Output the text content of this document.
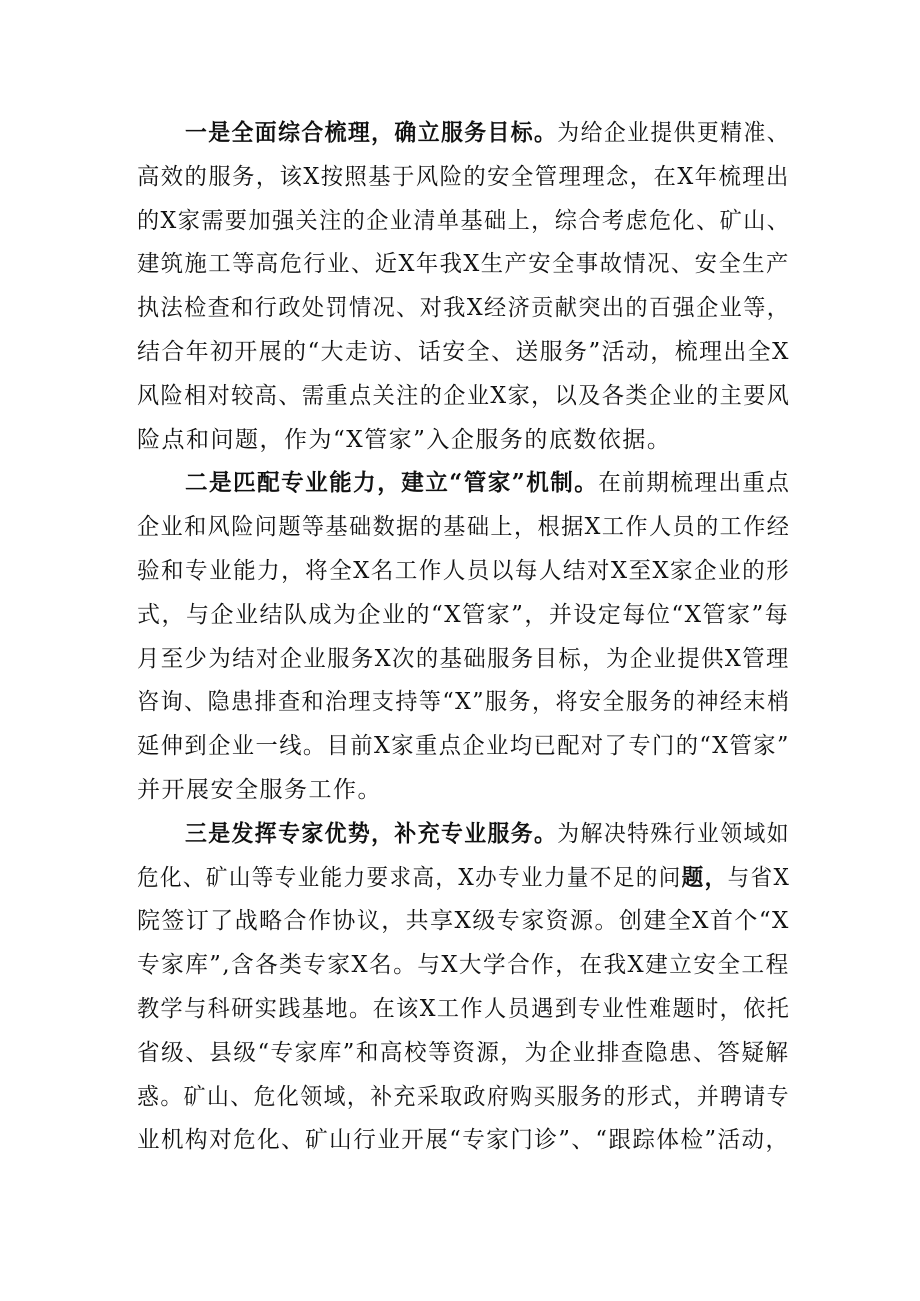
一是全面综合梳理，确立服务目标。为给企业提供更精准、
高效的服务，该X按照基于风险的安全管理理念，在X年梳理出
的X家需要加强关注的企业清单基础上，综合考虑危化、矿山、
建筑施工等高危行业、近X年我X生产安全事故情况、安全生产
执法检查和行政处罚情况、对我X经济贡献突出的百强企业等，
结合年初开展的“大走访、话安全、送服务”活动，梳理出全X
风险相对较高、需重点关注的企业X家，以及各类企业的主要风
险点和问题，作为“X管家”入企服务的底数依据。
二是匹配专业能力，建立“管家”机制。在前期梳理出重点
企业和风险问题等基础数据的基础上，根据X工作人员的工作经
验和专业能力，将全X名工作人员以每人结对X至X家企业的形
式，与企业结队成为企业的“X管家”，并设定每位“X管家”每
月至少为结对企业服务X次的基础服务目标，为企业提供X管理
咨询、隐患排查和治理支持等“X”服务，将安全服务的神经末梢
延伸到企业一线。目前X家重点企业均已配对了专门的“X管家”
并开展安全服务工作。
三是发挥专家优势，补充专业服务。为解决特殊行业领域如
危化、矿山等专业能力要求高，X办专业力量不足的问题，与省X
院签订了战略合作协议，共享X级专家资源。创建全X首个“X
专家库”,含各类专家X名。与X大学合作，在我X建立安全工程
教学与科研实践基地。在该X工作人员遇到专业性难题时，依托
省级、县级“专家库”和高校等资源，为企业排查隐患、答疑解
惑。矿山、危化领域，补充采取政府购买服务的形式，并聘请专
业机构对危化、矿山行业开展“专家门诊”、“跟踪体检”活动，
